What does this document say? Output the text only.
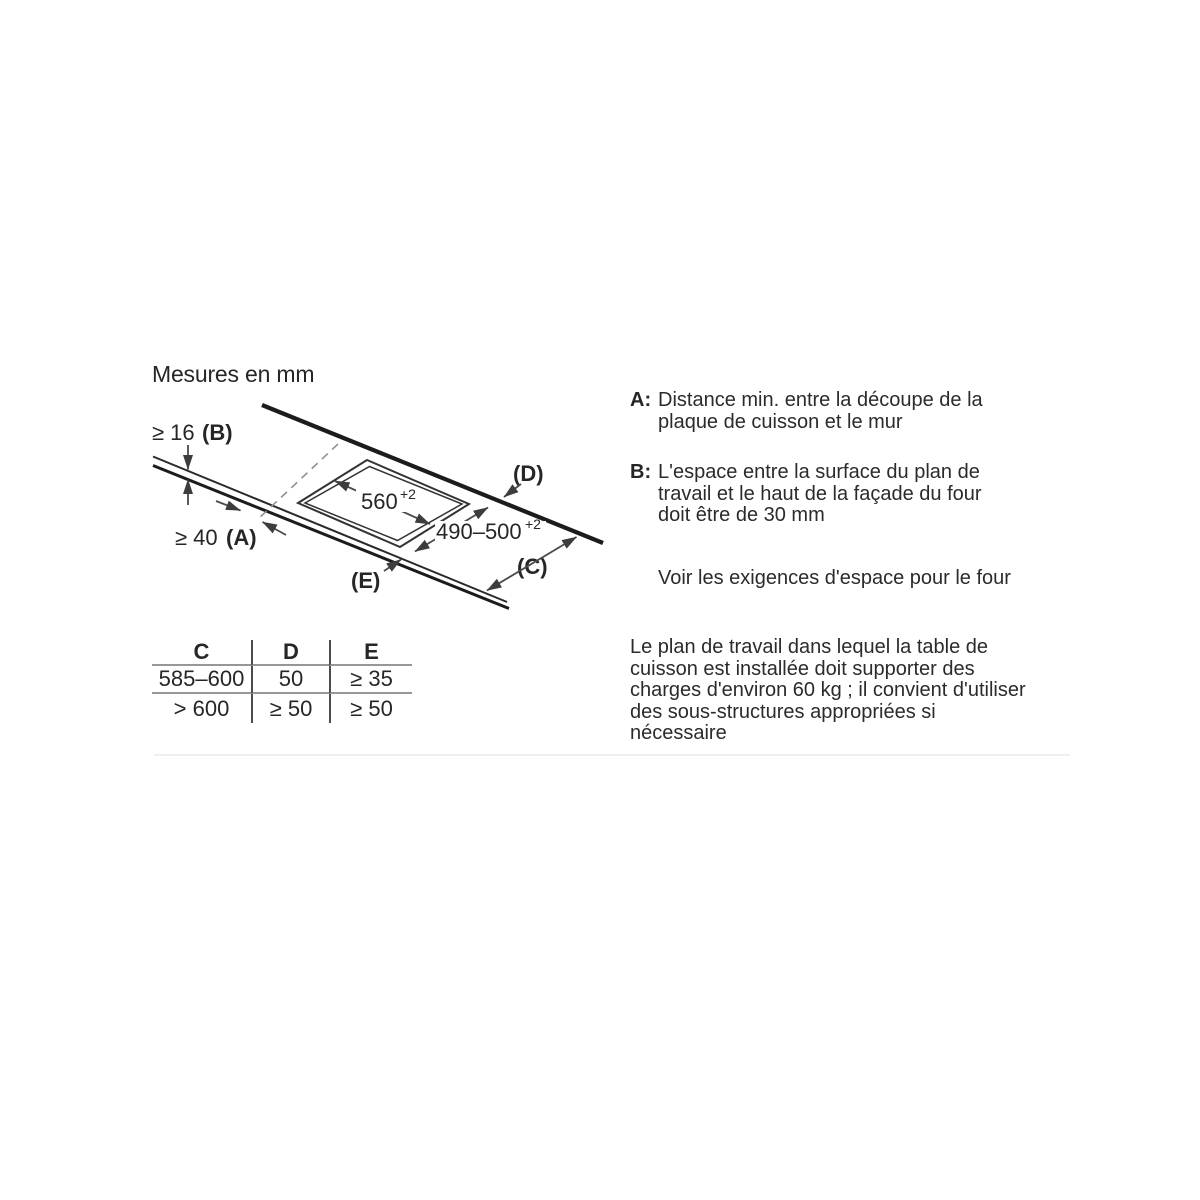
Mesures en mm
560 +2
490–500 +2
≥ 16 (B)
≥ 40 (A)
(D)
(C)
(E)
C	D	E
585–600	50	≥ 35
> 600	≥ 50	≥ 50
A: Distance min. entre la découpe de la
plaque de cuisson et le mur
B: L'espace entre la surface du plan de
travail et le haut de la façade du four
doit être de 30 mm
Voir les exigences d'espace pour le four
Le plan de travail dans lequel la table de
cuisson est installée doit supporter des
charges d'environ 60 kg ; il convient d'utiliser
des sous-structures appropriées si
nécessaire
